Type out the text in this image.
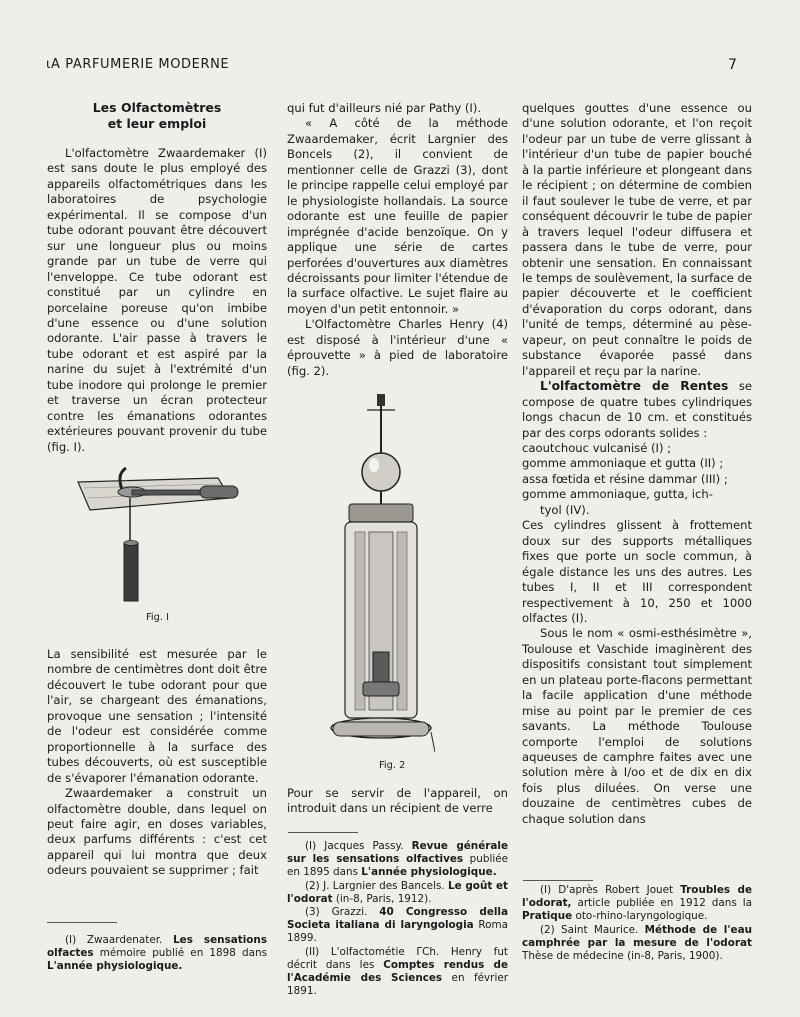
ιA PARFUMERIE MODERNE	7

Les Olfactomètres
et leur emploi

L'olfactomètre Zwaardemaker (I) est sans doute le plus employé des appareils olfactométriques dans les laboratoires de psychologie expérimental. Il se compose d'un tube odorant pouvant être découvert sur une longueur plus ou moins grande par un tube de verre qui l'enveloppe. Ce tube odorant est constitué par un cylindre en porcelaine poreuse qu'on imbibe d'une essence ou d'une solution odorante. L'air passe à travers le tube odorant et est aspiré par la narine du sujet à l'extrémité d'un tube inodore qui prolonge le premier et traverse un écran protecteur contre les émanations odorantes extérieures pouvant provenir du tube (fig. I).

Fig. I

La sensibilité est mesurée par le nombre de centimètres dont doit être découvert le tube odorant pour que l'air, se chargeant des émanations, provoque une sensation ; l'intensité de l'odeur est considérée comme proportionnelle à la surface des tubes découverts, où est susceptible de s'évaporer l'émanation odorante.

Zwaardemaker a construit un olfactomètre double, dans lequel on peut faire agir, en doses variables, deux parfums différents : c'est cet appareil qui lui montra que deux odeurs pouvaient se supprimer ; fait

(I) Zwaardenater. Les sensations olfactes mémoire publié en 1898 dans L'année physiologique.

qui fut d'ailleurs nié par Pathy (I).

« A côté de la méthode Zwaardemaker, écrit Largnier des Boncels (2), il convient de mentionner celle de Grazzi (3), dont le principe rappelle celui employé par le physiologiste hollandais. La source odorante est une feuille de papier imprégnée d'acide benzoïque. On y applique une série de cartes perforées d'ouvertures aux diamètres décroissants pour limiter l'étendue de la surface olfactive. Le sujet flaire au moyen d'un petit entonnoir. »

L'Olfactomètre Charles Henry (4) est disposé à l'intérieur d'une « éprouvette » à pied de laboratoire (fig. 2).

Fig. 2

Pour se servir de l'appareil, on introduit dans un récipient de verre

(I) Jacques Passy. Revue générale sur les sensations olfactives publiée en 1895 dans L'année physiologique.

(2) J. Largnier des Bancels. Le goût et l'odorat (in-8, Paris, 1912).

(3) Grazzi. 40 Congresso della Societa italiana di laryngologia Roma 1899.

(II) L'olfactométie ΓCh. Henry fut décrit dans les Comptes rendus de l'Académie des Sciences en février 1891.

quelques gouttes d'une essence ou d'une solution odorante, et l'on reçoit l'odeur par un tube de verre glissant à l'intérieur d'un tube de papier bouché à la partie inférieure et plongeant dans le récipient ; on détermine de combien il faut soulever le tube de verre, et par conséquent découvrir le tube de papier à travers lequel l'odeur diffusera et passera dans le tube de verre, pour obtenir une sensation. En connaissant le temps de soulèvement, la surface de papier découverte et le coefficient d'évaporation du corps odorant, dans l'unité de temps, déterminé au pèse-vapeur, on peut connaître le poids de substance évaporée passé dans l'appareil et reçu par la narine.

L'olfactomètre de Rentes se compose de quatre tubes cylindriques longs chacun de 10 cm. et constitués par des corps odorants solides :

caoutchouc vulcanisé (I) ;

gomme ammoniaque et gutta (II) ;

assa fœtida et résine dammar (III) ;

gomme ammoniaque, gutta, ich-

tyol (IV).

Ces cylindres glissent à frottement doux sur des supports métalliques fixes que porte un socle commun, à égale distance les uns des autres. Les tubes I, II et III correspondent respectivement à 10, 250 et 1000 olfactes (I).

Sous le nom « osmi-esthésimètre », Toulouse et Vaschide imaginèrent des dispositifs consistant tout simplement en un plateau porte-flacons permettant la facile application d'une méthode mise au point par le premier de ces savants. La méthode Toulouse comporte l'emploi de solutions aqueuses de camphre faites avec une solution mère à I/oo et de dix en dix fois plus diluées. On verse une douzaine de centimètres cubes de chaque solution dans

(I) D'après Robert Jouet Troubles de l'odorat, article publiée en 1912 dans la Pratique oto-rhino-laryngologique.

(2) Saint Maurice. Méthode de l'eau camphrée par la mesure de l'odorat Thèse de médecine (in-8, Paris, 1900).
